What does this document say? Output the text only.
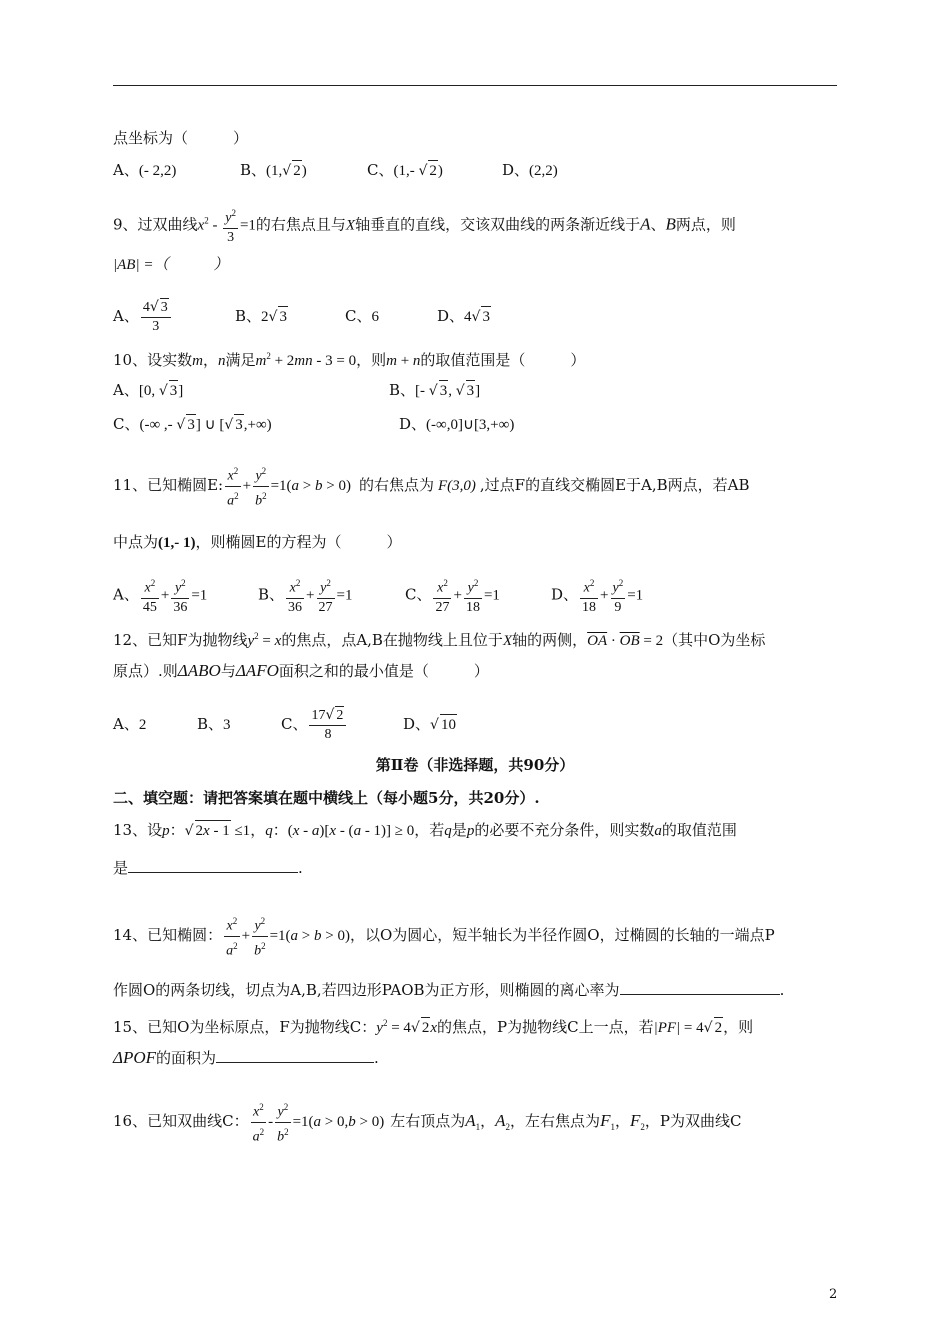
点坐标为（　　　）
A、(- 2,2)	B、(1,√ 2)	C、(1,- √ 2)	D、(2,2)
9、过双曲线$x^2 - \frac{y^2}{3} =1$的右焦点且与X轴垂直的直线，交该双曲线的两条渐近线于A、B两点，则
|AB| =（　　　）
A、 $\frac{4√ 3}{3}$	B、2√ 3	C、6	D、4√ 3
10、设实数m，n满足$m^2 + 2mn - 3 = 0$，则m + n的取值范围是（　　　）
A、[0, √ 3]	B、[- √ 3, √ 3]
C、(-∞ ,- √ 3] ∪ [√ 3,+∞)	D、(-∞,0]∪[3,+∞)
11、已知椭圆E: $\frac{x^2}{a^2} + \frac{y^2}{b^2} =1(a > b > 0)$ 的右焦点为 F(3,0) ,过点F的直线交椭圆E于A,B两点，若AB
中点为(1,- 1)，则椭圆E的方程为（　　　）
A、 $\frac{x^2}{45} + \frac{y^2}{36} =1$	B、 $\frac{x^2}{36} + \frac{y^2}{27} =1$	C、 $\frac{x^2}{27} + \frac{y^2}{18} =1$	D、 $\frac{x^2}{18} + \frac{y^2}{9} =1$
12、已知F为抛物线$y^2 = x$的焦点，点A,B在抛物线上且位于X轴的两侧，$\overline{OA} \cdot \overline{OB} = 2$（其中O为坐标
原点）.则ΔABO与ΔAFO面积之和的最小值是（　　　）
A、2	B、3	C、 $\frac{17√ 2}{8}$	D、√ 10
第Ⅱ卷（非选择题，共90分）
二、填空题：请把答案填在题中横线上（每小题5分，共20分）.
13、设p：√ 2x - 1 ≤1，q：(x - a)[x - (a - 1)] ≥ 0，若q是p的必要不充分条件，则实数a的取值范围
是	.
14、已知椭圆： $\frac{x^2}{a^2} + \frac{y^2}{b^2} =1(a > b > 0)$，以O为圆心，短半轴长为半径作圆O，过椭圆的长轴的一端点P
作圆O的两条切线，切点为A,B,若四边形PAOB为正方形，则椭圆的离心率为	.
15、已知O为坐标原点，F为抛物线C：$y^2 = 4√$ 2x的焦点，P为抛物线C上一点，若|PF| = 4√ 2，则
ΔPOF的面积为	.
16、已知双曲线C： $\frac{x^2}{a^2} - \frac{y^2}{b^2} =1(a > 0,b > 0)$ 左右顶点为$A_1$，$A_2$，左右焦点为$F_1$，$F_2$，P为双曲线C
2
